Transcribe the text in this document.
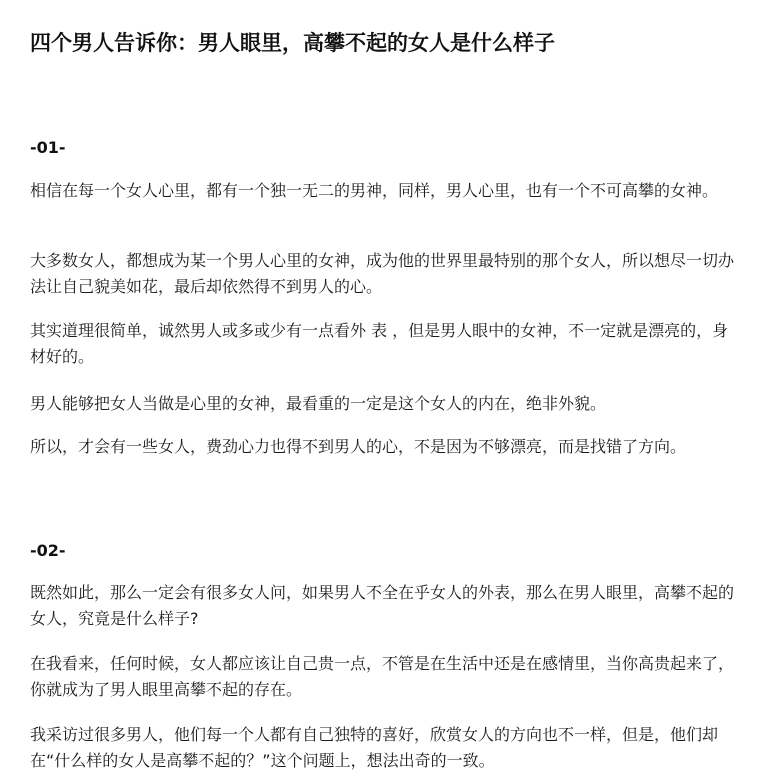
四个男人告诉你：男人眼里，高攀不起的女人是什么样子
-01-
相信在每一个女人心里，都有一个独一无二的男神，同样，男人心里，也有一个不可高攀的女神。
大多数女人，都想成为某一个男人心里的女神，成为他的世界里最特别的那个女人，所以想尽一切办法让自己貌美如花，最后却依然得不到男人的心。
其实道理很简单，诚然男人或多或少有一点看外 表 ，但是男人眼中的女神，不一定就是漂亮的，身材好的。
男人能够把女人当做是心里的女神，最看重的一定是这个女人的内在，绝非外貌。
所以，才会有一些女人，费劲心力也得不到男人的心，不是因为不够漂亮，而是找错了方向。
-02-
既然如此，那么一定会有很多女人问，如果男人不全在乎女人的外表，那么在男人眼里，高攀不起的女人，究竟是什么样子?
在我看来，任何时候，女人都应该让自己贵一点，不管是在生活中还是在感情里，当你高贵起来了，你就成为了男人眼里高攀不起的存在。
我采访过很多男人，他们每一个人都有自己独特的喜好，欣赏女人的方向也不一样，但是，他们却在“什么样的女人是高攀不起的？”这个问题上，想法出奇的一致。
